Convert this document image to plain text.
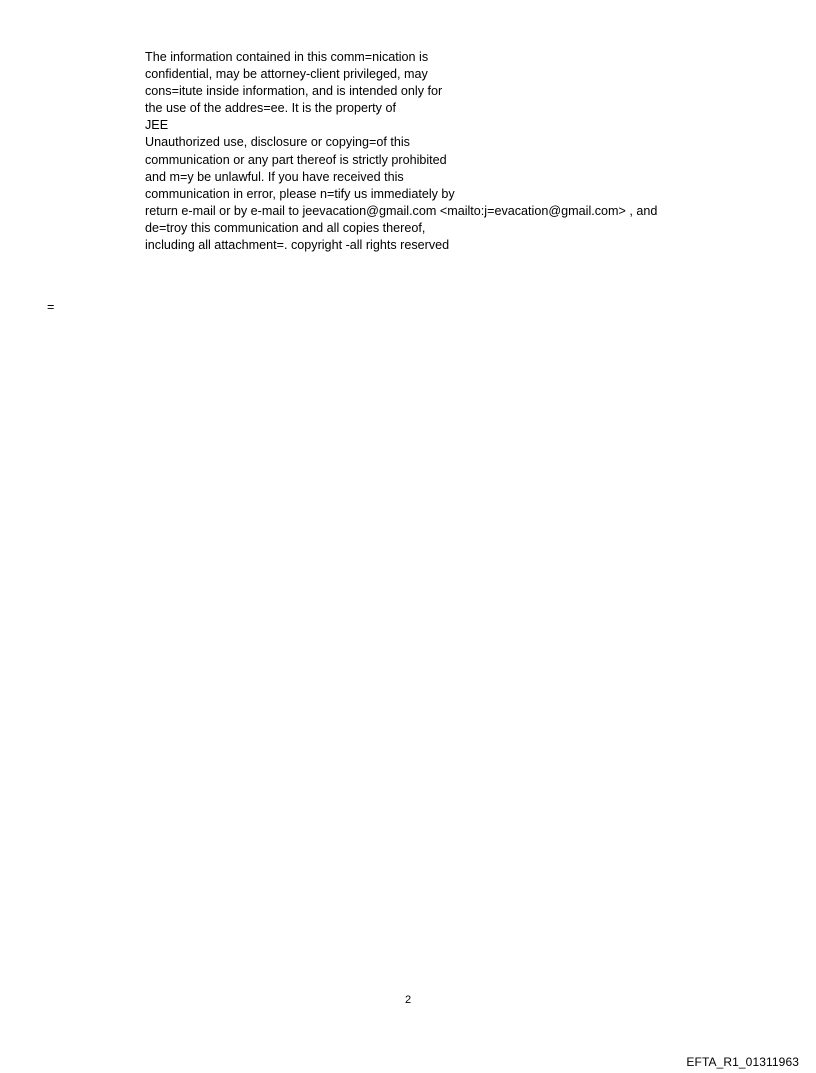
The information contained in this comm=nication is
confidential, may be attorney-client privileged, may
cons=itute inside information, and is intended only for
the use of the addres=ee. It is the property of
JEE
Unauthorized use, disclosure or copying=of this
communication or any part thereof is strictly prohibited
and m=y be unlawful. If you have received this
communication in error, please n=tify us immediately by
return e-mail or by e-mail to jeevacation@gmail.com <mailto:j=evacation@gmail.com> , and
de=troy this communication and all copies thereof,
including all attachment=. copyright -all rights reserved
=
2
EFTA_R1_01311963
